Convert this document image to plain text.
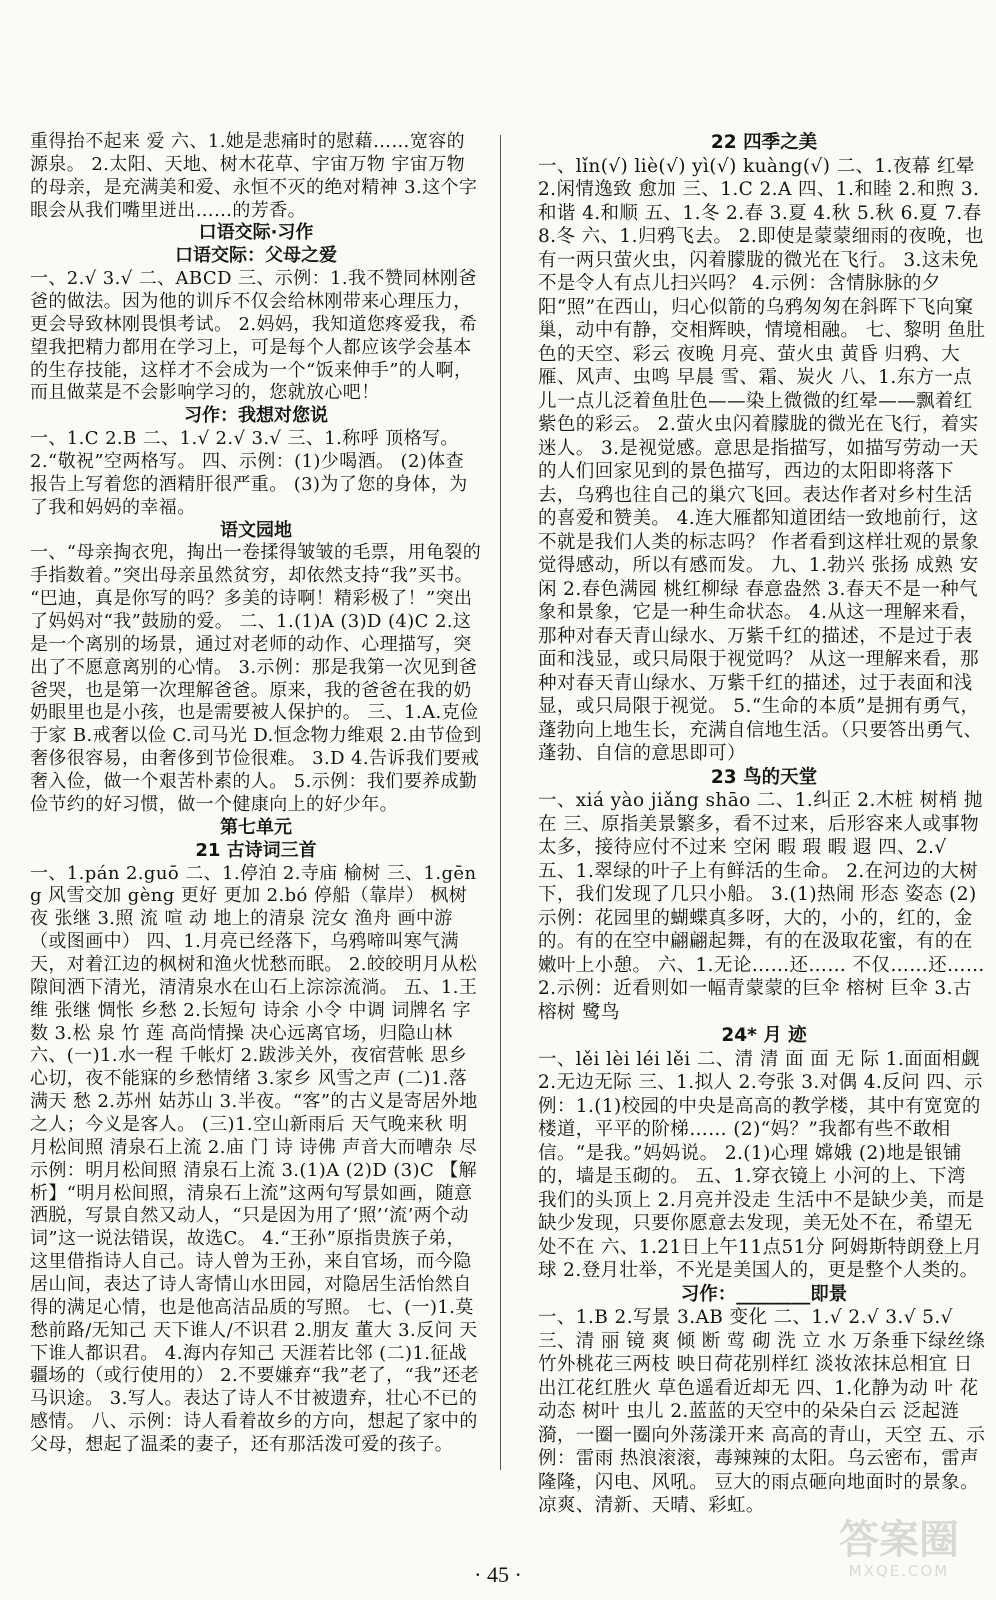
重得抬不起来 爱 六、1.她是悲痛时的慰藉……宽容的源泉。 2.太阳、天地、树木花草、宇宙万物 宇宙万物的母亲，是充满美和爱、永恒不灭的绝对精神 3.这个字眼会从我们嘴里迸出……的芳香。
口语交际·习作
口语交际：父母之爱
一、2.√ 3.√ 二、ABCD 三、示例：1.我不赞同林刚爸爸的做法。因为他的训斥不仅会给林刚带来心理压力，更会导致林刚畏惧考试。 2.妈妈，我知道您疼爱我，希望我把精力都用在学习上，可是每个人都应该学会基本的生存技能，这样才不会成为一个“饭来伸手”的人啊，而且做菜是不会影响学习的，您就放心吧！
习作：我想对您说
一、1.C 2.B 二、1.√ 2.√ 3.√ 三、1.称呼 顶格写。 2.“敬祝”空两格写。 四、示例：(1)少喝酒。 (2)体查报告上写着您的酒精肝很严重。 (3)为了您的身体，为了我和妈妈的幸福。
语文园地
一、“母亲掏衣兜，掏出一卷揉得皱皱的毛票，用龟裂的手指数着。”突出母亲虽然贫穷，却依然支持“我”买书。 “巴迪，真是你写的吗？多美的诗啊！精彩极了！”突出了妈妈对“我”鼓励的爱。 二、1.(1)A (3)D (4)C 2.这是一个离别的场景，通过对老师的动作、心理描写，突出了不愿意离别的心情。 3.示例：那是我第一次见到爸爸哭，也是第一次理解爸爸。原来，我的爸爸在我的奶奶眼里也是小孩，也是需要被人保护的。 三、1.A.克俭于家 B.戒奢以俭 C.司马光 D.恒念物力维艰 2.由节俭到奢侈很容易，由奢侈到节俭很难。 3.D 4.告诉我们要戒奢入俭，做一个艰苦朴素的人。 5.示例：我们要养成勤俭节约的好习惯，做一个健康向上的好少年。
第七单元
21 古诗词三首
一、1.pán 2.guō 二、1.停泊 2.寺庙 榆树 三、1.gēng 风雪交加 gèng 更好 更加 2.bó 停船（靠岸） 枫树 夜 张继 3.照 流 喧 动 地上的清泉 浣女 渔舟 画中游（或图画中） 四、1.月亮已经落下，乌鸦啼叫寒气满天，对着江边的枫树和渔火忧愁而眠。 2.皎皎明月从松隙间洒下清光，清清泉水在山石上淙淙流淌。 五、1.王维 张继 惆怅 乡愁 2.长短句 诗余 小令 中调 词牌名 字数 3.松 泉 竹 莲 高尚情操 决心远离官场，归隐山林 六、(一)1.水一程 千帐灯 2.跋涉关外，夜宿营帐 思乡心切，夜不能寐的乡愁情绪 3.家乡 风雪之声 (二)1.落满天 愁 2.苏州 姑苏山 3.半夜。“客”的古义是寄居外地之人；今义是客人。 (三)1.空山新雨后 天气晚来秋 明月松间照 清泉石上流 2.庙 门 诗 诗佛 声音大而嘈杂 尽 示例：明月松间照 清泉石上流 3.(1)A (2)D (3)C 【解析】“明月松间照，清泉石上流”这两句写景如画，随意洒脱，写景自然又动人，“只是因为用了‘照’‘流’两个动词”这一说法错误，故选C。 4.“王孙”原指贵族子弟，这里借指诗人自己。诗人曾为王孙，来自官场，而今隐居山间，表达了诗人寄情山水田园，对隐居生活怡然自得的满足心情，也是他高洁品质的写照。 七、(一)1.莫愁前路/无知己 天下谁人/不识君 2.朋友 董大 3.反问 天下谁人都识君。 4.海内存知己 天涯若比邻 (二)1.征战疆场的（或行使用的） 2.不要嫌弃“我”老了，“我”还老马识途。 3.写人。表达了诗人不甘被遗弃，壮心不已的感情。 八、示例：诗人看着故乡的方向，想起了家中的父母，想起了温柔的妻子，还有那活泼可爱的孩子。
22 四季之美
一、lǐn(√) liè(√) yì(√) kuàng(√) 二、1.夜幕 红晕 2.闲情逸致 愈加 三、1.C 2.A 四、1.和睦 2.和煦 3.和谐 4.和顺 五、1.冬 2.春 3.夏 4.秋 5.秋 6.夏 7.春 8.冬 六、1.归鸦飞去。 2.即使是蒙蒙细雨的夜晚，也有一两只萤火虫，闪着朦胧的微光在飞行。 3.这未免不是令人有点儿扫兴吗？ 4.示例：含情脉脉的夕阳“照”在西山，归心似箭的乌鸦匆匆在斜晖下飞向窠巢，动中有静，交相辉映，情境相融。 七、黎明 鱼肚色的天空、彩云 夜晚 月亮、萤火虫 黄昏 归鸦、大雁、风声、虫鸣 早晨 雪、霜、炭火 八、1.东方一点儿一点儿泛着鱼肚色——染上微微的红晕——飘着红紫色的彩云。 2.萤火虫闪着朦胧的微光在飞行，着实迷人。 3.是视觉感。意思是指描写，如描写劳动一天的人们回家见到的景色描写，西边的太阳即将落下去，乌鸦也往自己的巢穴飞回。表达作者对乡村生活的喜爱和赞美。 4.连大雁都知道团结一致地前行，这不就是我们人类的标志吗？ 作者看到这样壮观的景象觉得感动，所以有感而发。 九、1.勃兴 张扬 成熟 安闲 2.春色满园 桃红柳绿 春意盎然 3.春天不是一种气象和景象，它是一种生命状态。 4.从这一理解来看，那种对春天青山绿水、万紫千红的描述，不是过于表面和浅显，或只局限于视觉吗？ 从这一理解来看，那种对春天青山绿水、万紫千红的描述，过于表面和浅显，或只局限于视觉。 5.“生命的本质”是拥有勇气，蓬勃向上地生长，充满自信地生活。（只要答出勇气、蓬勃、自信的意思即可）
23 鸟的天堂
一、xiá yào jiǎng shāo 二、1.纠正 2.木桩 树梢 抛在 三、原指美景繁多，看不过来，后形容来人或事物太多，接待应付不过来 空闲 暇 瑕 暇 遐 四、2.√ 五、1.翠绿的叶子上有鲜活的生命。 2.在河边的大树下，我们发现了几只小船。 3.(1)热闹 形态 姿态 (2)示例：花园里的蝴蝶真多呀，大的，小的，红的，金的。有的在空中翩翩起舞，有的在汲取花蜜，有的在嫩叶上小憩。 六、1.无论……还…… 不仅……还…… 2.示例：近看则如一幅青蒙蒙的巨伞 榕树 巨伞 3.古榕树 鹭鸟
24* 月 迹
一、lěi lèi léi lěi 二、清 清 面 面 无 际 1.面面相觑 2.无边无际 三、1.拟人 2.夸张 3.对偶 4.反问 四、示例：1.(1)校园的中央是高高的教学楼，其中有宽宽的楼道，平平的阶梯…… (2)“妈？”我都有些不敢相信。“是我。”妈妈说。 2.(1)心理 嫦娥 (2)地是银铺的，墙是玉砌的。 五、1.穿衣镜上 小河的上、下湾 我们的头顶上 2.月亮并没走 生活中不是缺少美，而是缺少发现，只要你愿意去发现，美无处不在，希望无处不在 六、1.21日上午11点51分 阿姆斯特朗登上月球 2.登月壮举，不光是美国人的，更是整个人类的。
习作：________即景
一、1.B 2.写景 3.AB 变化 二、1.√ 2.√ 3.√ 5.√ 三、清 丽 镜 爽 倾 断 莺 砌 洗 立 水 万条垂下绿丝绦 竹外桃花三两枝 映日荷花别样红 淡妆浓抹总相宜 日出江花红胜火 草色遥看近却无 四、1.化静为动 叶 花 动态 树叶 虫儿 2.蓝蓝的天空中的朵朵白云 泛起涟漪，一圈一圈向外荡漾开来 高高的青山，天空 五、示例：雷雨 热浪滚滚，毒辣辣的太阳。乌云密布，雷声隆隆，闪电、风吼。 豆大的雨点砸向地面时的景象。 凉爽、清新、天晴、彩虹。
· 45 ·
答案圈
MXQE.COM
